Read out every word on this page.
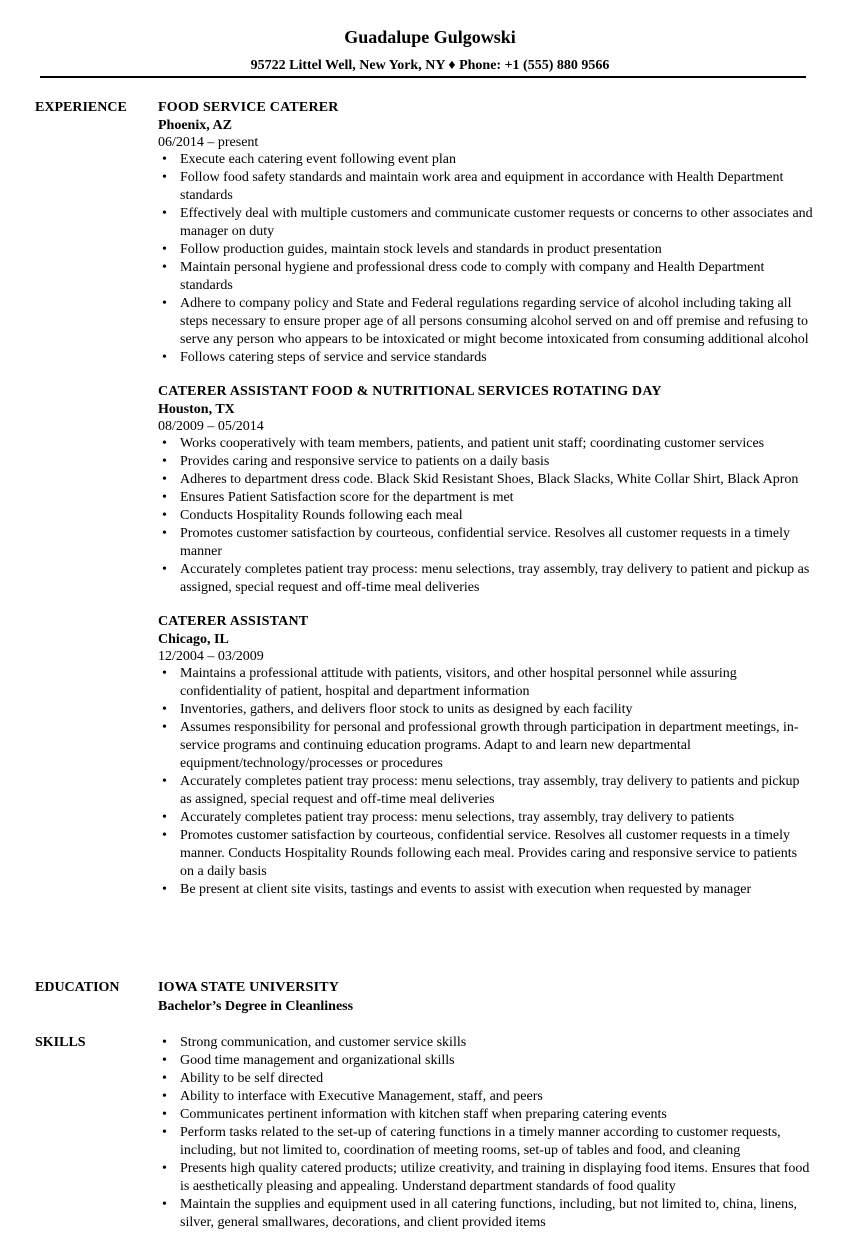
Guadalupe Gulgowski
95722 Littel Well, New York, NY ♦ Phone: +1 (555) 880 9566
EXPERIENCE FOOD SERVICE CATERER
Phoenix, AZ
06/2014 – present
• Execute each catering event following event plan
• Follow food safety standards and maintain work area and equipment in accordance with Health Department standards
• Effectively deal with multiple customers and communicate customer requests or concerns to other associates and manager on duty
• Follow production guides, maintain stock levels and standards in product presentation
• Maintain personal hygiene and professional dress code to comply with company and Health Department standards
• Adhere to company policy and State and Federal regulations regarding service of alcohol including taking all steps necessary to ensure proper age of all persons consuming alcohol served on and off premise and refusing to serve any person who appears to be intoxicated or might become intoxicated from consuming additional alcohol
• Follows catering steps of service and service standards
CATERER ASSISTANT FOOD & NUTRITIONAL SERVICES ROTATING DAY
Houston, TX
08/2009 – 05/2014
• Works cooperatively with team members, patients, and patient unit staff; coordinating customer services
• Provides caring and responsive service to patients on a daily basis
• Adheres to department dress code. Black Skid Resistant Shoes, Black Slacks, White Collar Shirt, Black Apron
• Ensures Patient Satisfaction score for the department is met
• Conducts Hospitality Rounds following each meal
• Promotes customer satisfaction by courteous, confidential service. Resolves all customer requests in a timely manner
• Accurately completes patient tray process: menu selections, tray assembly, tray delivery to patient and pickup as assigned, special request and off-time meal deliveries
CATERER ASSISTANT
Chicago, IL
12/2004 – 03/2009
• Maintains a professional attitude with patients, visitors, and other hospital personnel while assuring confidentiality of patient, hospital and department information
• Inventories, gathers, and delivers floor stock to units as designed by each facility
• Assumes responsibility for personal and professional growth through participation in department meetings, in-service programs and continuing education programs. Adapt to and learn new departmental equipment/technology/processes or procedures
• Accurately completes patient tray process: menu selections, tray assembly, tray delivery to patients and pickup as assigned, special request and off-time meal deliveries
• Accurately completes patient tray process: menu selections, tray assembly, tray delivery to patients
• Promotes customer satisfaction by courteous, confidential service. Resolves all customer requests in a timely manner. Conducts Hospitality Rounds following each meal. Provides caring and responsive service to patients on a daily basis
• Be present at client site visits, tastings and events to assist with execution when requested by manager
EDUCATION	IOWA STATE UNIVERSITY
Bachelor’s Degree in Cleanliness
SKILLS
•	Strong communication, and customer service skills
• Good time management and organizational skills
• Ability to be self directed
• Ability to interface with Executive Management, staff, and peers
• Communicates pertinent information with kitchen staff when preparing catering events
• Perform tasks related to the set-up of catering functions in a timely manner according to customer requests, including, but not limited to, coordination of meeting rooms, set-up of tables and food, and cleaning
• Presents high quality catered products; utilize creativity, and training in displaying food items. Ensures that food is aesthetically pleasing and appealing. Understand department standards of food quality
• Maintain the supplies and equipment used in all catering functions, including, but not limited to, china, linens, silver, general smallwares, decorations, and client provided items
